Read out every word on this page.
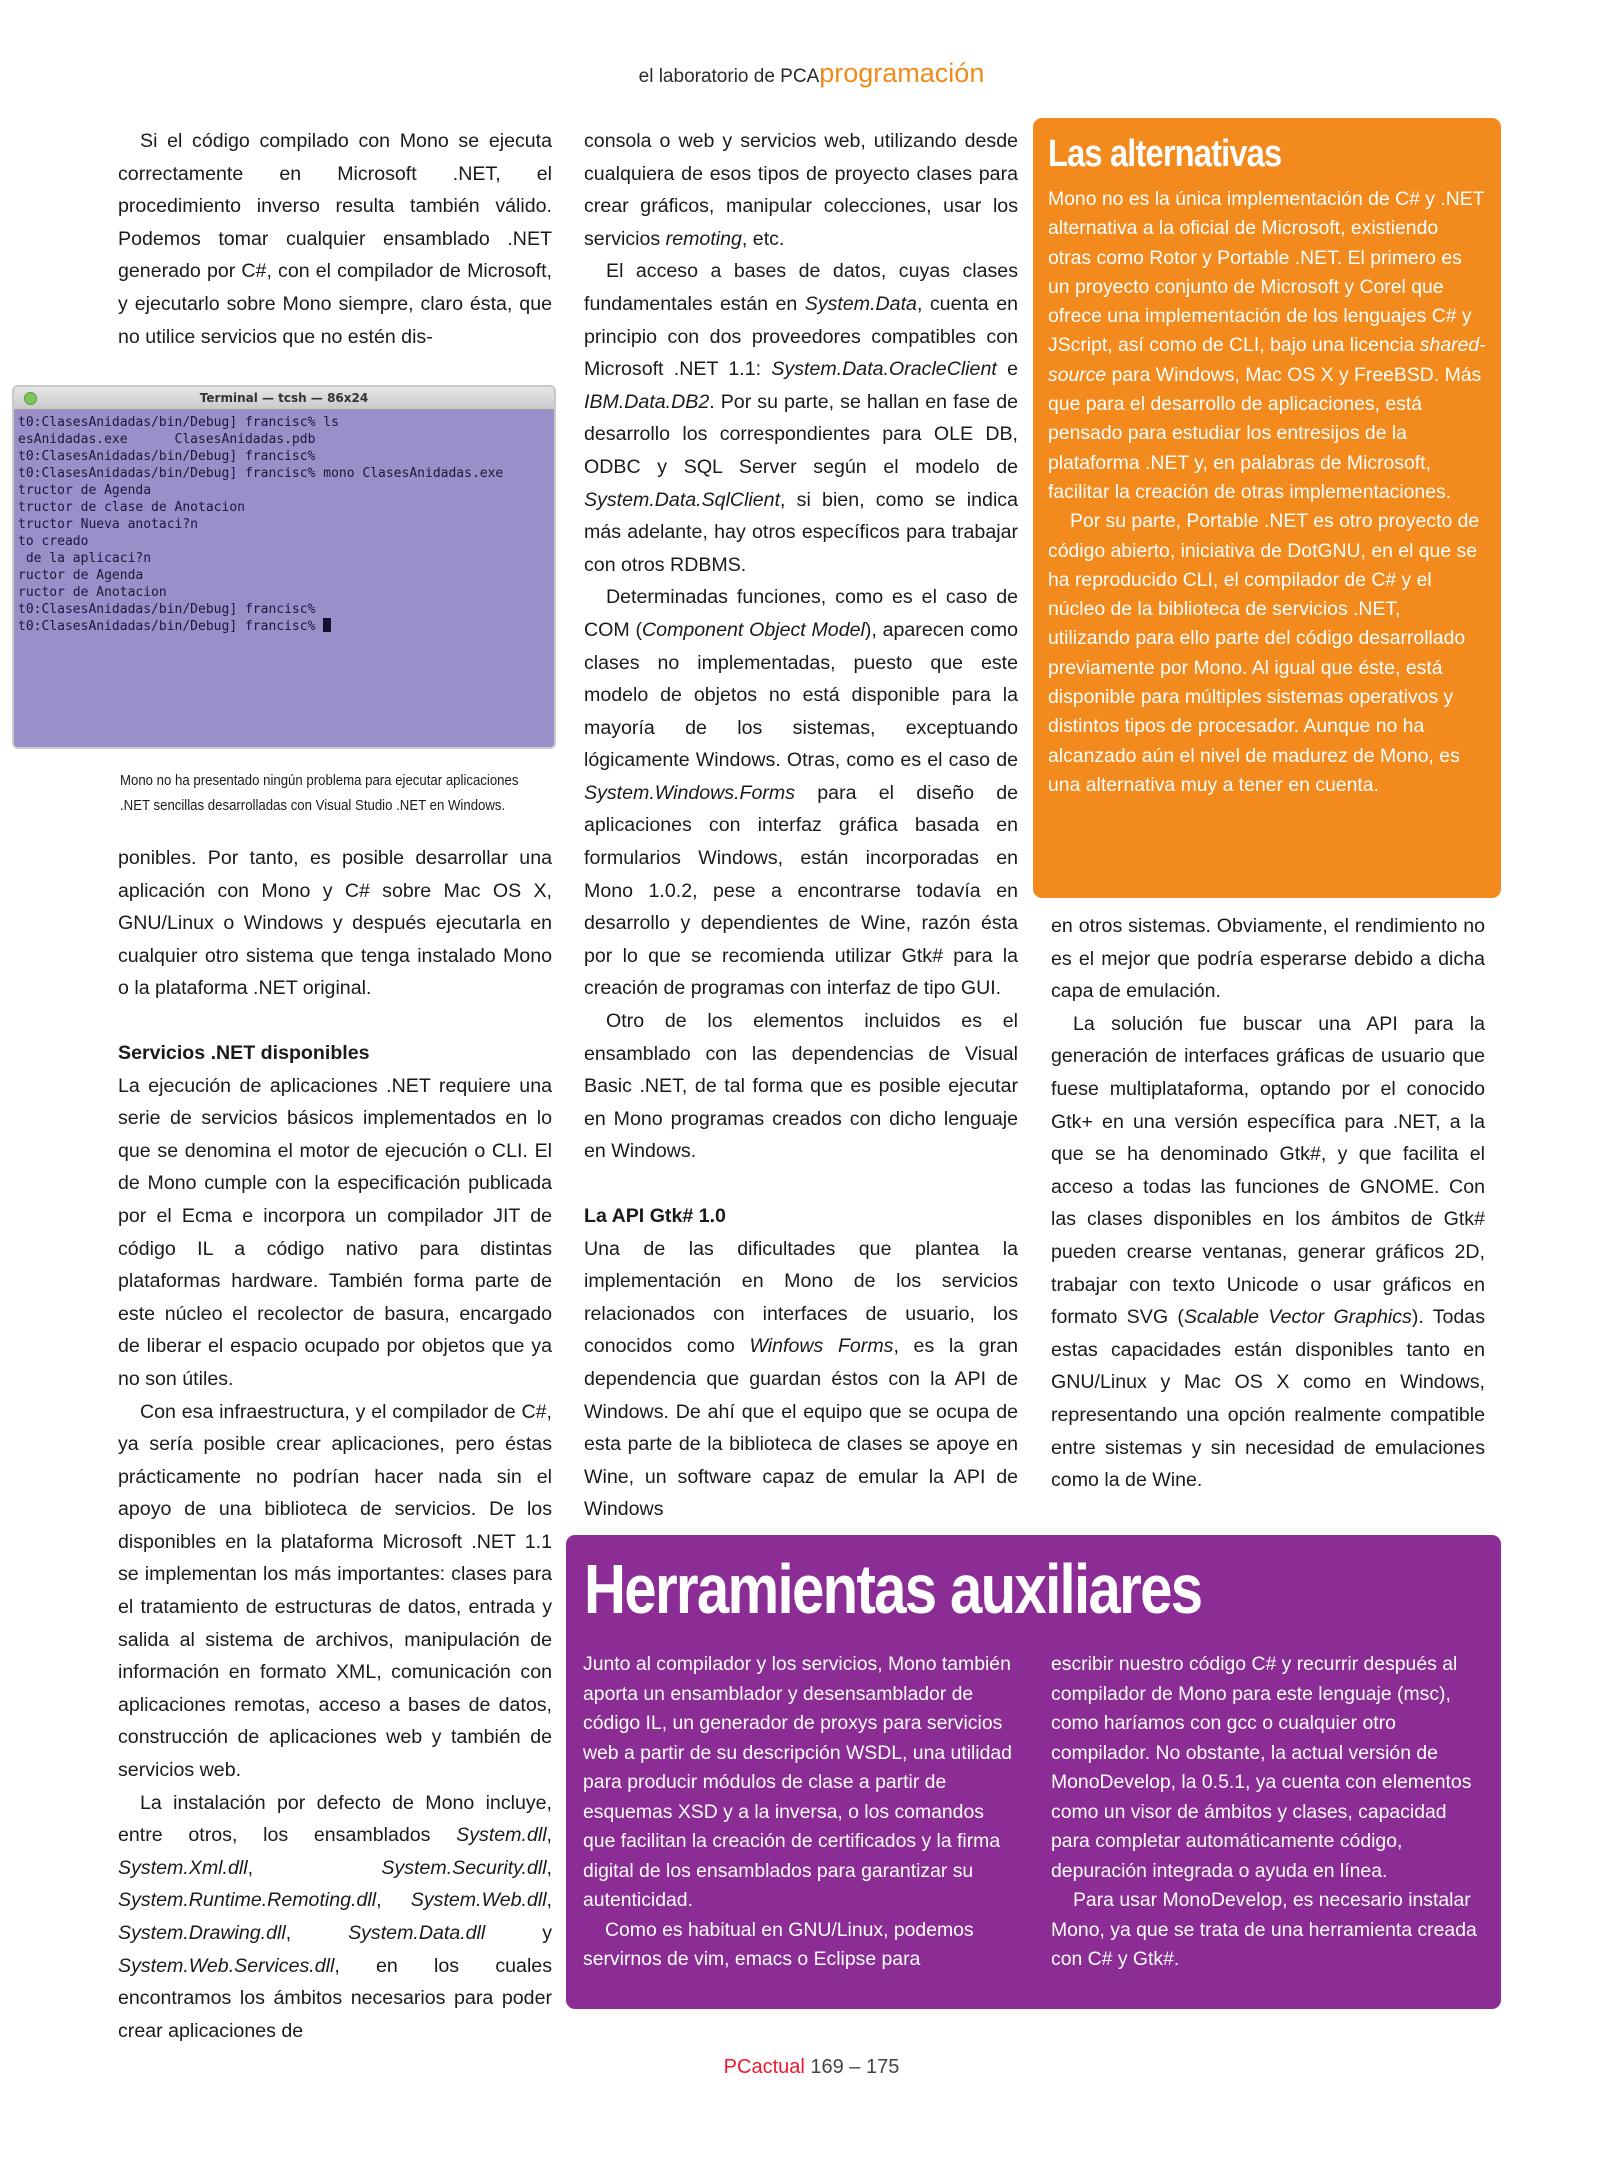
el laboratorio de PCAprogramación

Si el código compilado con Mono se ejecuta correctamente en Microsoft .NET, el procedimiento inverso resulta también válido. Podemos tomar cualquier ensamblado .NET generado por C#, con el compilador de Microsoft, y ejecutarlo sobre Mono siempre, claro ésta, que no utilice servicios que no estén dis-

Terminal — tcsh — 86x24
t0:ClasesAnidadas/bin/Debug] francisc% ls
esAnidadas.exe      ClasesAnidadas.pdb
t0:ClasesAnidadas/bin/Debug] francisc%
t0:ClasesAnidadas/bin/Debug] francisc% mono ClasesAnidadas.exe
tructor de Agenda
tructor de clase de Anotacion
tructor Nueva anotaci?n
to creado
de la aplicaci?n
ructor de Agenda
ructor de Anotacion
t0:ClasesAnidadas/bin/Debug] francisc%
t0:ClasesAnidadas/bin/Debug] francisc%
Mono no ha presentado ningún problema para ejecutar aplicaciones .NET sencillas desarrolladas con Visual Studio .NET en Windows.

ponibles. Por tanto, es posible desarrollar una aplicación con Mono y C# sobre Mac OS X, GNU/Linux o Windows y después ejecutarla en cualquier otro sistema que tenga instalado Mono o la plataforma .NET original.

Servicios .NET disponibles

La ejecución de aplicaciones .NET requiere una serie de servicios básicos implementados en lo que se denomina el motor de ejecución o CLI. El de Mono cumple con la especificación publicada por el Ecma e incorpora un compilador JIT de código IL a código nativo para distintas plataformas hardware. También forma parte de este núcleo el recolector de basura, encargado de liberar el espacio ocupado por objetos que ya no son útiles.

Con esa infraestructura, y el compilador de C#, ya sería posible crear aplicaciones, pero éstas prácticamente no podrían hacer nada sin el apoyo de una biblioteca de servicios. De los disponibles en la plataforma Microsoft .NET 1.1 se implementan los más importantes: clases para el tratamiento de estructuras de datos, entrada y salida al sistema de archivos, manipulación de información en formato XML, comunicación con aplicaciones remotas, acceso a bases de datos, construcción de aplicaciones web y también de servicios web.

La instalación por defecto de Mono incluye, entre otros, los ensamblados System.dll, System.Xml.dll, System.Security.dll, System.Runtime.Remoting.dll, System.Web.dll, System.Drawing.dll, System.Data.dll y System.Web.Services.dll, en los cuales encontramos los ámbitos necesarios para poder crear aplicaciones de

consola o web y servicios web, utilizando desde cualquiera de esos tipos de proyecto clases para crear gráficos, manipular colecciones, usar los servicios remoting, etc.

El acceso a bases de datos, cuyas clases fundamentales están en System.Data, cuenta en principio con dos proveedores compatibles con Microsoft .NET 1.1: System.Data.OracleClient e IBM.Data.DB2. Por su parte, se hallan en fase de desarrollo los correspondientes para OLE DB, ODBC y SQL Server según el modelo de System.Data.SqlClient, si bien, como se indica más adelante, hay otros específicos para trabajar con otros RDBMS.

Determinadas funciones, como es el caso de COM (Component Object Model), aparecen como clases no implementadas, puesto que este modelo de objetos no está disponible para la mayoría de los sistemas, exceptuando lógicamente Windows. Otras, como es el caso de System.Windows.Forms para el diseño de aplicaciones con interfaz gráfica basada en formularios Windows, están incorporadas en Mono 1.0.2, pese a encontrarse todavía en desarrollo y dependientes de Wine, razón ésta por lo que se recomienda utilizar Gtk# para la creación de programas con interfaz de tipo GUI.

Otro de los elementos incluidos es el ensamblado con las dependencias de Visual Basic .NET, de tal forma que es posible ejecutar en Mono programas creados con dicho lenguaje en Windows.

La API Gtk# 1.0

Una de las dificultades que plantea la implementación en Mono de los servicios relacionados con interfaces de usuario, los conocidos como Winfows Forms, es la gran dependencia que guardan éstos con la API de Windows. De ahí que el equipo que se ocupa de esta parte de la biblioteca de clases se apoye en Wine, un software capaz de emular la API de Windows

Las alternativas

Mono no es la única implementación de C# y .NET alternativa a la oficial de Microsoft, existiendo otras como Rotor y Portable .NET. El primero es un proyecto conjunto de Microsoft y Corel que ofrece una implementación de los lenguajes C# y JScript, así como de CLI, bajo una licencia shared-source para Windows, Mac OS X y FreeBSD. Más que para el desarrollo de aplicaciones, está pensado para estudiar los entresijos de la plataforma .NET y, en palabras de Microsoft, facilitar la creación de otras implementaciones.

Por su parte, Portable .NET es otro proyecto de código abierto, iniciativa de DotGNU, en el que se ha reproducido CLI, el compilador de C# y el núcleo de la biblioteca de servicios .NET, utilizando para ello parte del código desarrollado previamente por Mono. Al igual que éste, está disponible para múltiples sistemas operativos y distintos tipos de procesador. Aunque no ha alcanzado aún el nivel de madurez de Mono, es una alternativa muy a tener en cuenta.

en otros sistemas. Obviamente, el rendimiento no es el mejor que podría esperarse debido a dicha capa de emulación.

La solución fue buscar una API para la generación de interfaces gráficas de usuario que fuese multiplataforma, optando por el conocido Gtk+ en una versión específica para .NET, a la que se ha denominado Gtk#, y que facilita el acceso a todas las funciones de GNOME. Con las clases disponibles en los ámbitos de Gtk# pueden crearse ventanas, generar gráficos 2D, trabajar con texto Unicode o usar gráficos en formato SVG (Scalable Vector Graphics). Todas estas capacidades están disponibles tanto en GNU/Linux y Mac OS X como en Windows, representando una opción realmente compatible entre sistemas y sin necesidad de emulaciones como la de Wine.

Herramientas auxiliares

Junto al compilador y los servicios, Mono también aporta un ensamblador y desensamblador de código IL, un generador de proxys para servicios web a partir de su descripción WSDL, una utilidad para producir módulos de clase a partir de esquemas XSD y a la inversa, o los comandos que facilitan la creación de certificados y la firma digital de los ensamblados para garantizar su autenticidad.

Como es habitual en GNU/Linux, podemos servirnos de vim, emacs o Eclipse para

escribir nuestro código C# y recurrir después al compilador de Mono para este lenguaje (msc), como haríamos con gcc o cualquier otro compilador. No obstante, la actual versión de MonoDevelop, la 0.5.1, ya cuenta con elementos como un visor de ámbitos y clases, capacidad para completar automáticamente código, depuración integrada o ayuda en línea.

Para usar MonoDevelop, es necesario instalar Mono, ya que se trata de una herramienta creada con C# y Gtk#.

PCactual 169 – 175
